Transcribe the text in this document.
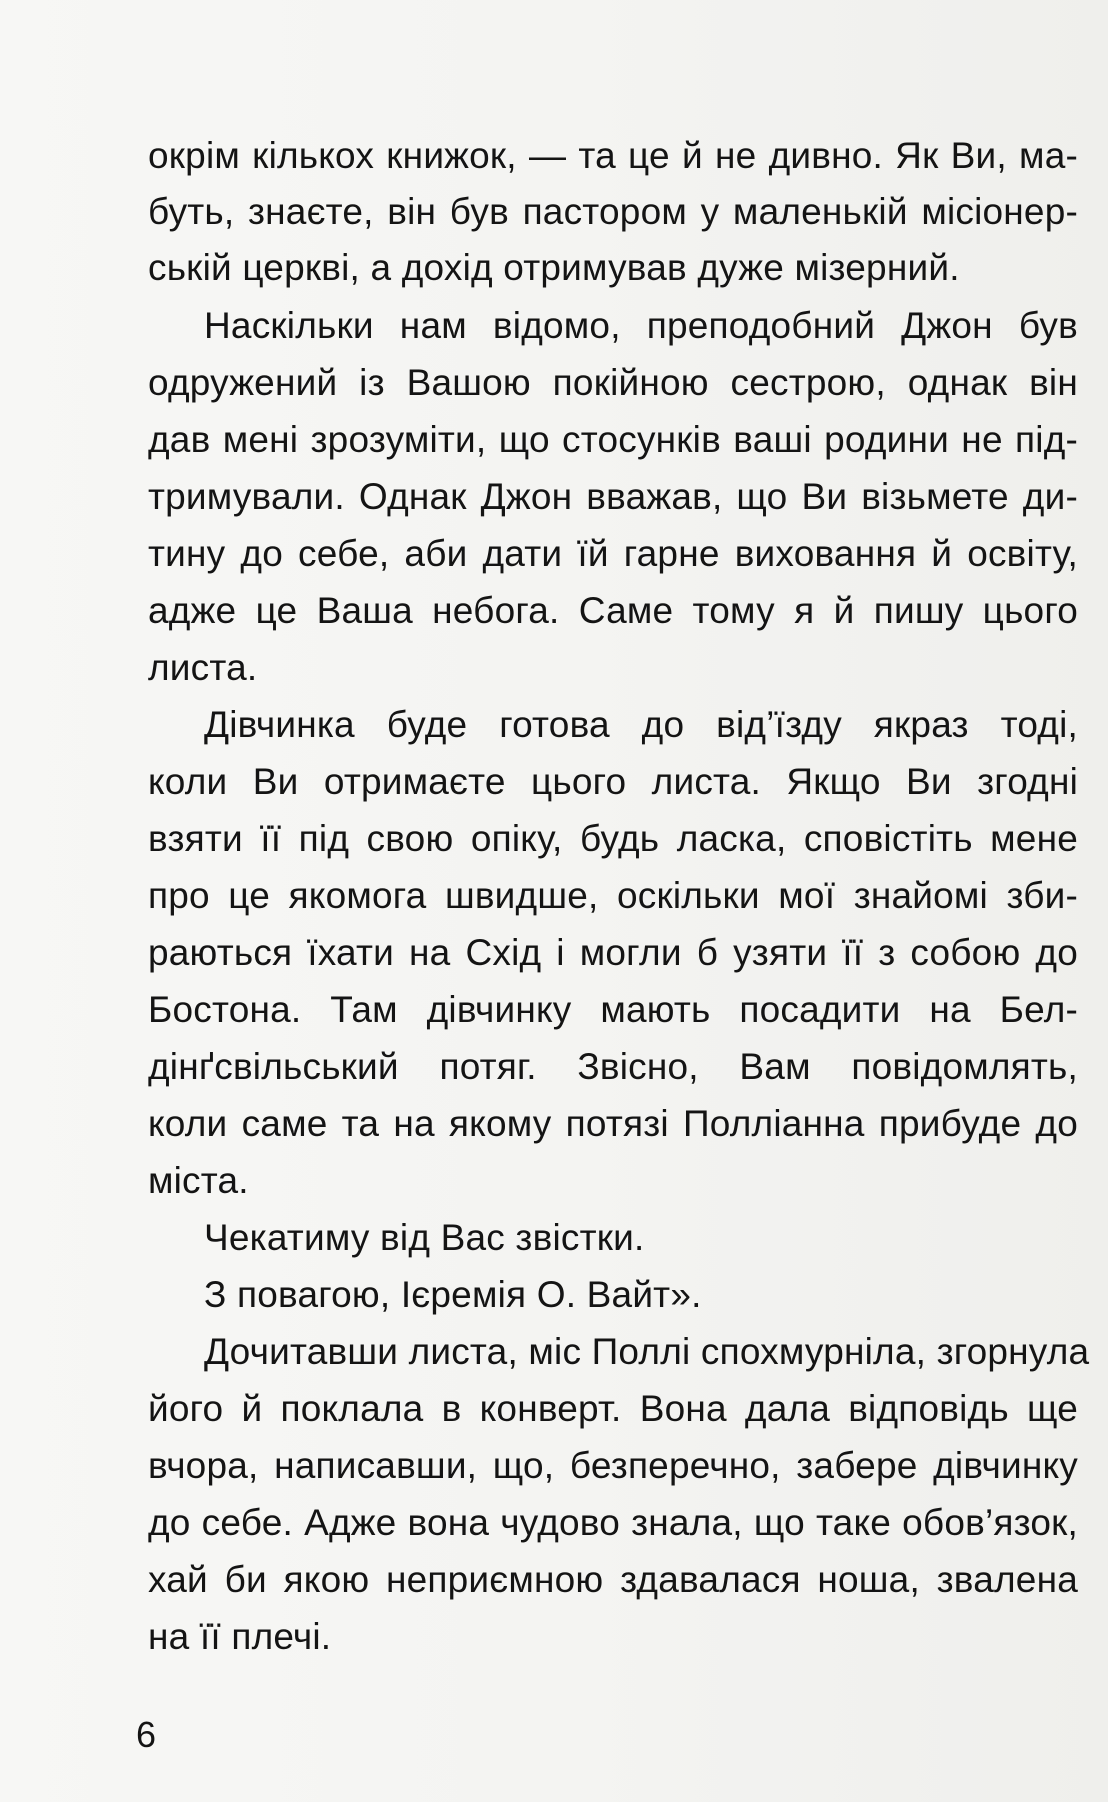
окрім кількох книжок, — та це й не дивно. Як Ви, ма-
буть, знаєте, він був пастором у маленькій місіонер-
ській церкві, а дохід отримував дуже мізерний.
Наскільки нам відомо, преподобний Джон був
одружений із Вашою покійною сестрою, однак він
дав мені зрозуміти, що стосунків ваші родини не під-
тримували. Однак Джон вважав, що Ви візьмете ди-
тину до себе, аби дати їй гарне виховання й освіту,
адже це Ваша небога. Саме тому я й пишу цього
листа.
Дівчинка буде готова до від’їзду якраз тоді,
коли Ви отримаєте цього листа. Якщо Ви згодні
взяти її під свою опіку, будь ласка, сповістіть мене
про це якомога швидше, оскільки мої знайомі зби-
раються їхати на Схід і могли б узяти її з собою до
Бостона. Там дівчинку мають посадити на Бел-
дінґсвільський потяг. Звісно, Вам повідомлять,
коли саме та на якому потязі Полліанна прибуде до
міста.
Чекатиму від Вас звістки.
З повагою, Ієремія О. Вайт».
Дочитавши листа, міс Поллі спохмурніла, згорнула
його й поклала в конверт. Вона дала відповідь ще
вчора, написавши, що, безперечно, забере дівчинку
до себе. Адже вона чудово знала, що таке обов’язок,
хай би якою неприємною здавалася ноша, звалена
на її плечі.
6
